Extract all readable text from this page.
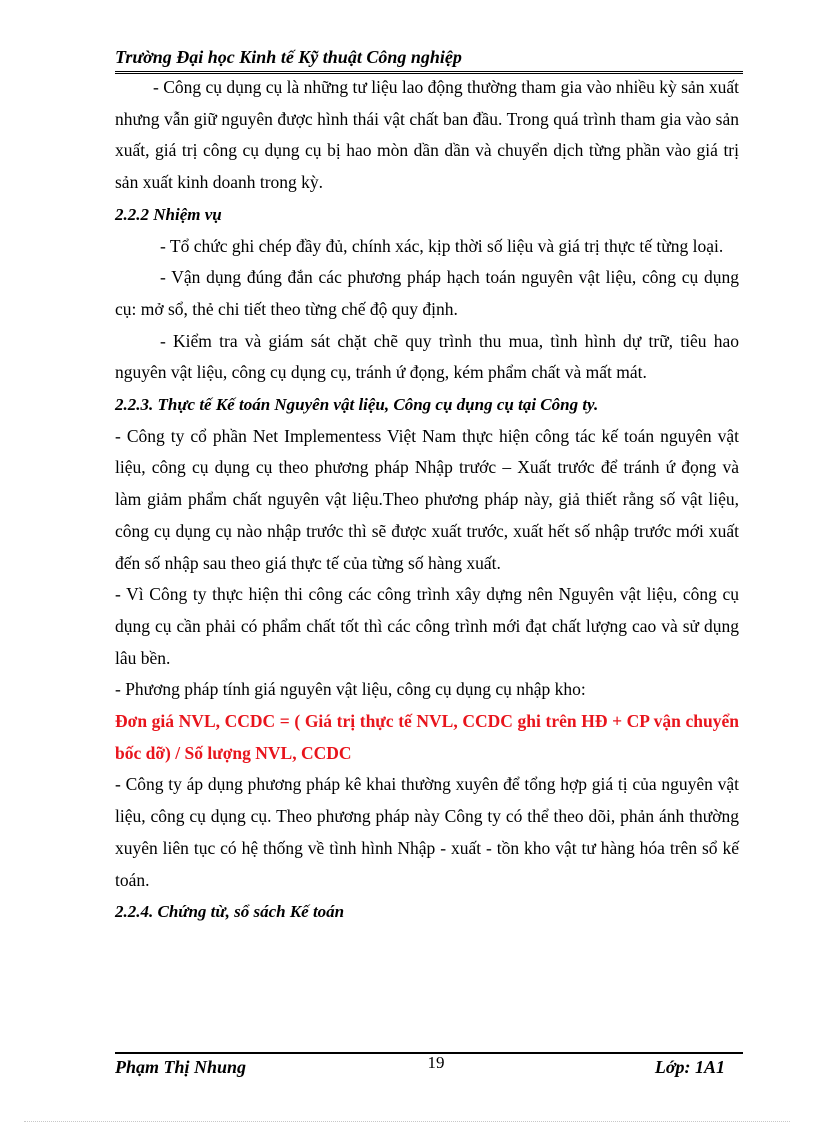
Trường Đại học Kinh tế Kỹ thuật Công nghiệp

- Công cụ dụng cụ là những tư liệu lao động thường tham gia vào nhiều kỳ sản xuất nhưng vẫn giữ nguyên được hình thái vật chất ban đầu. Trong quá trình tham gia vào sản xuất, giá trị công cụ dụng cụ bị hao mòn dần dần và chuyển dịch từng phần vào giá trị sản xuất kinh doanh trong kỳ.

2.2.2 Nhiệm vụ

- Tổ chức ghi chép đầy đủ, chính xác, kịp thời số liệu và giá trị thực tế từng loại.

- Vận dụng đúng đắn các phương pháp hạch toán nguyên vật liệu, công cụ dụng cụ: mở sổ, thẻ chi tiết theo từng chế độ quy định.

- Kiểm tra và giám sát chặt chẽ quy trình thu mua, tình hình dự trữ, tiêu hao nguyên vật liệu, công cụ dụng cụ, tránh ứ đọng, kém phẩm chất và mất mát.

2.2.3. Thực tế Kế toán Nguyên vật liệu, Công cụ dụng cụ tại Công ty.

- Công ty cổ phần Net Implementess Việt Nam thực hiện công tác kế toán nguyên vật liệu, công cụ dụng cụ theo phương pháp Nhập trước – Xuất trước để tránh ứ đọng và làm giảm phẩm chất nguyên vật liệu.Theo phương pháp này, giả thiết rằng số vật liệu, công cụ dụng cụ nào nhập trước thì sẽ được xuất trước, xuất hết số nhập trước mới xuất đến số nhập sau theo giá thực tế của từng số hàng xuất.

- Vì Công ty thực hiện thi công các công trình xây dựng nên Nguyên vật liệu, công cụ dụng cụ cần phải có phẩm chất tốt thì các công trình mới đạt chất lượng cao và sử dụng lâu bền.

- Phương pháp tính giá nguyên vật liệu, công cụ dụng cụ nhập kho:

Đơn giá NVL, CCDC = ( Giá trị thực tế NVL, CCDC ghi trên HĐ + CP vận chuyển bốc dỡ) / Số lượng NVL, CCDC

- Công ty áp dụng phương pháp kê khai thường xuyên để tổng hợp giá tị của nguyên vật liệu, công cụ dụng cụ. Theo phương pháp này Công ty có thể theo dõi, phản ánh thường xuyên liên tục có hệ thống về tình hình Nhập - xuất - tồn kho vật tư hàng hóa trên sổ kế toán.

2.2.4. Chứng từ, sổ sách Kế toán
Phạm Thị Nhung	19	Lớp: 1A1
